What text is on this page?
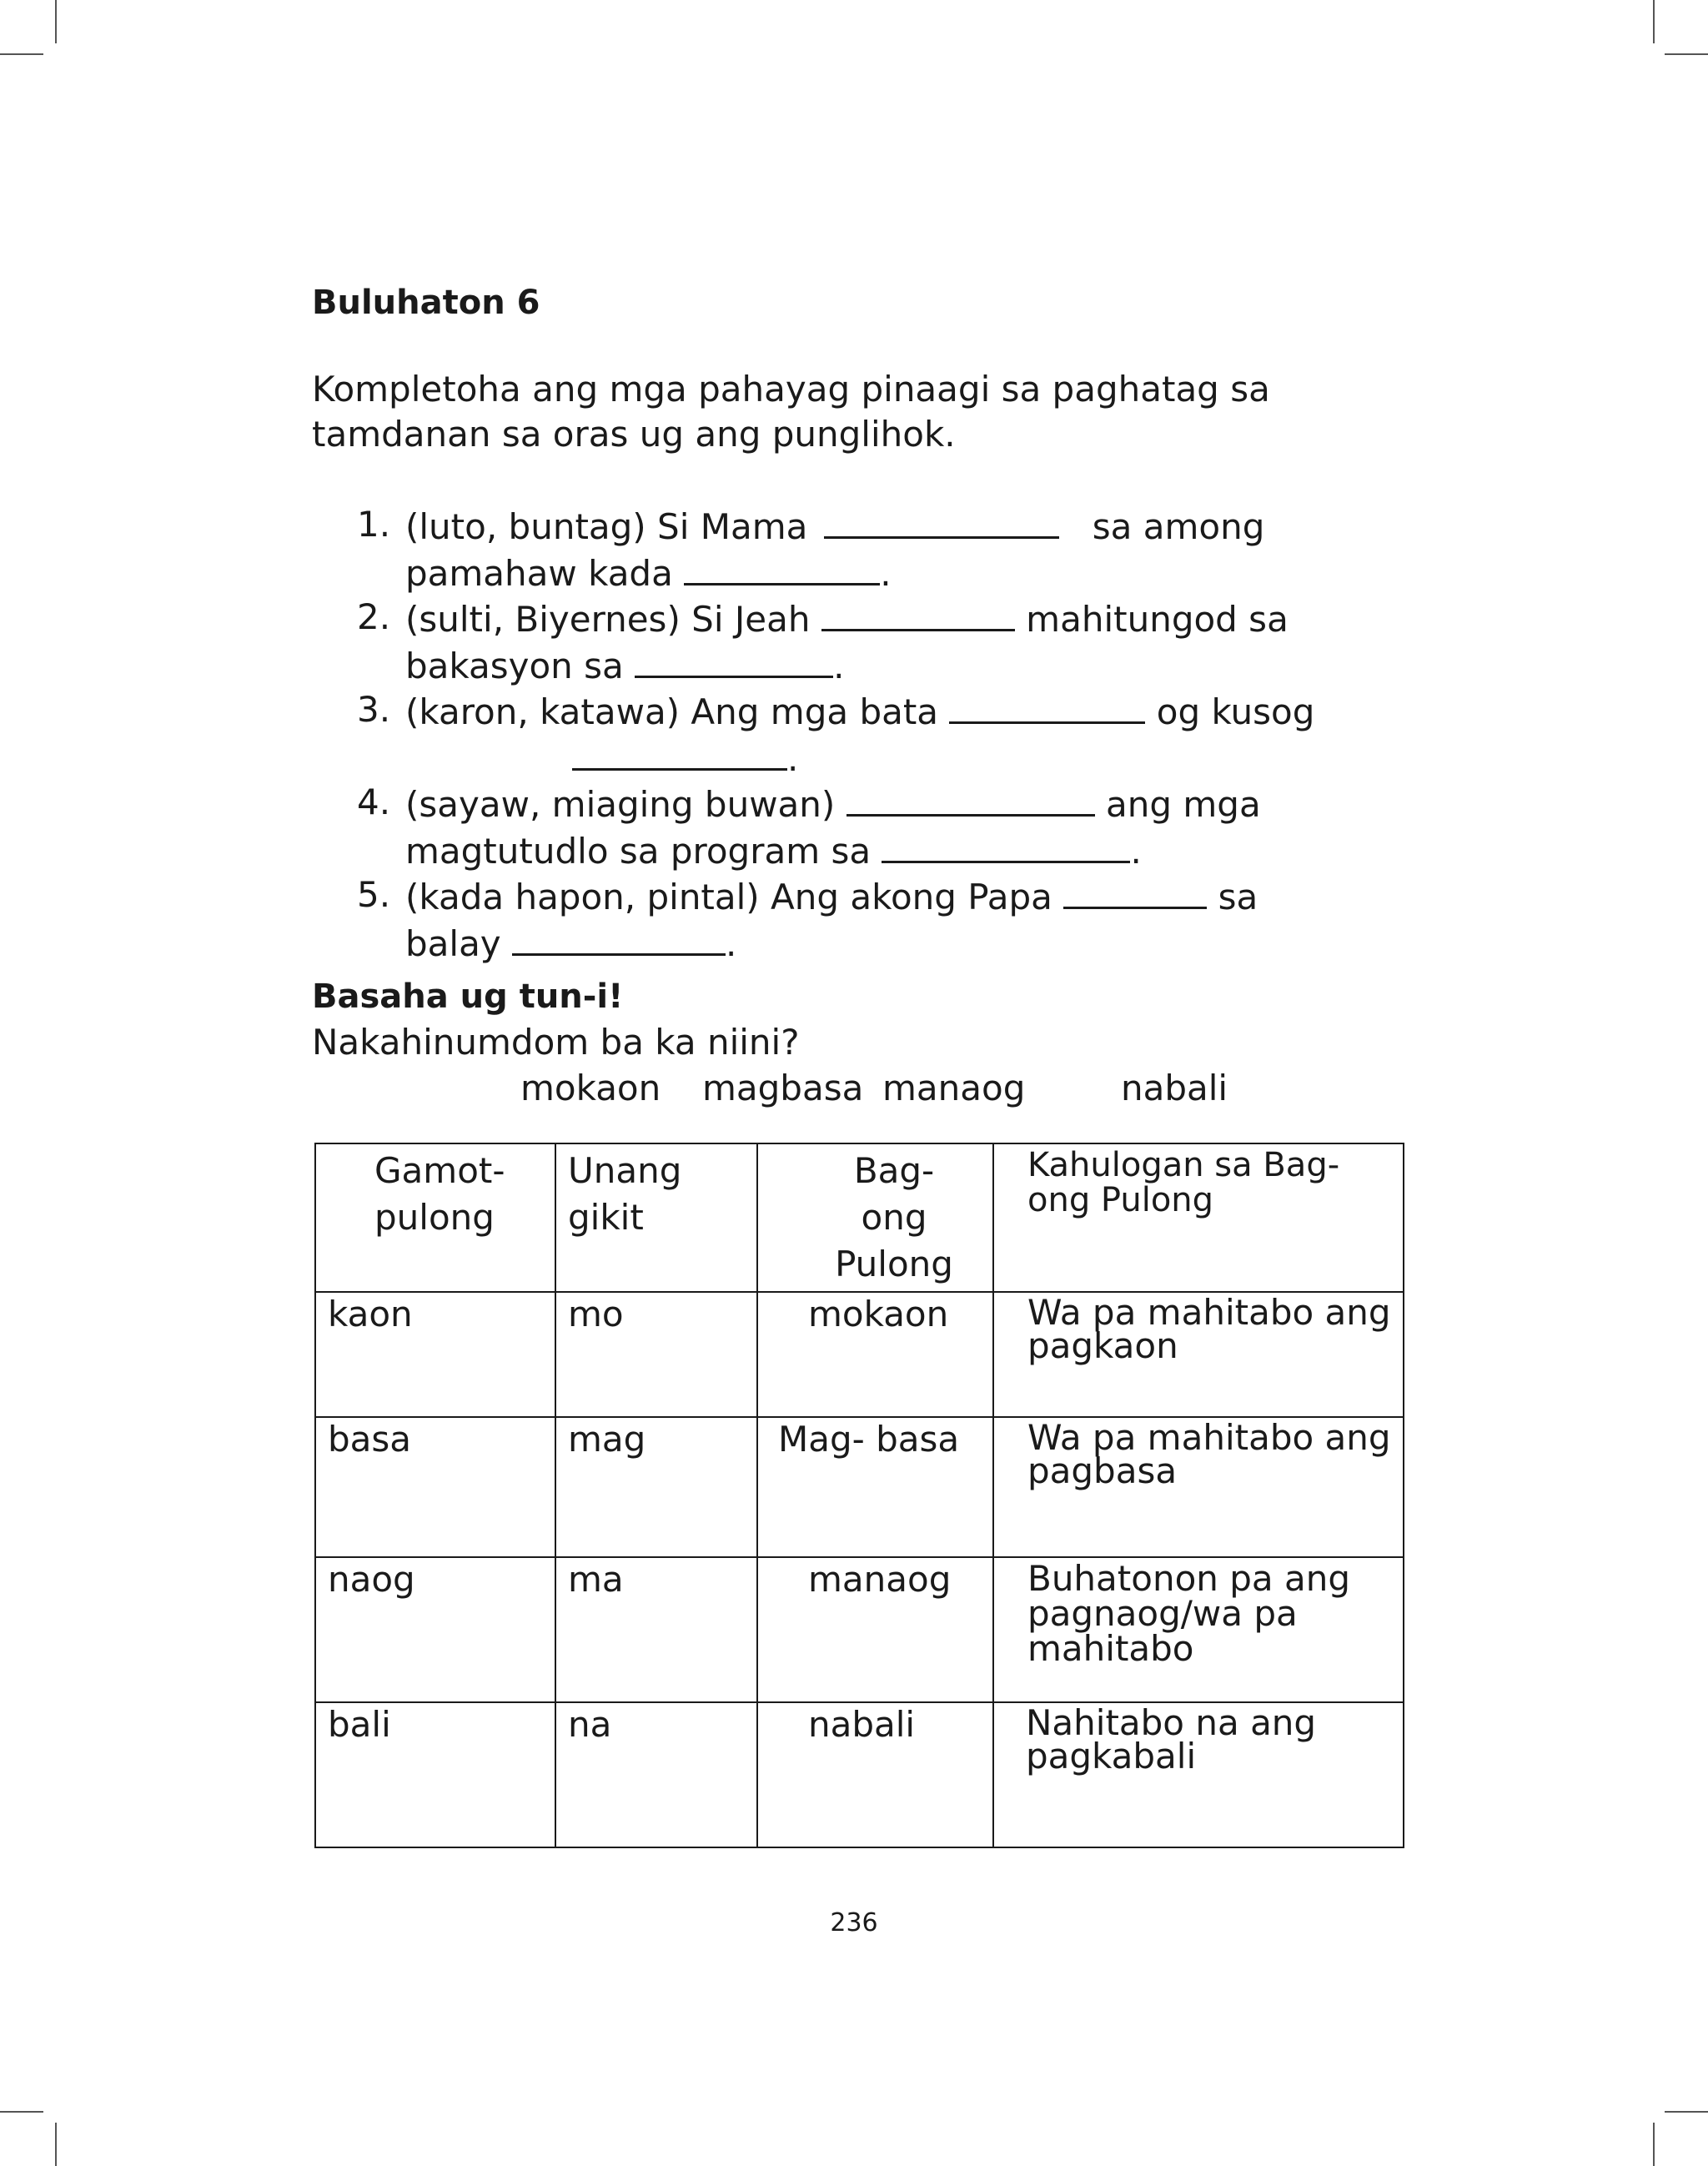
Buluhaton 6

Kompletoha ang mga pahayag pinaagi sa paghatag sa tamdanan sa oras ug ang punglihok.

1. (luto, buntag) Si Mama	sa among pamahaw kada	.
2. (sulti, Biyernes) Si Jeah	mahitungod sa bakasyon sa	.
3. (karon, katawa) Ang mga bata	og kusog .
4. (sayaw, miaging buwan)	ang mga magtutudlo sa program sa	.
5. (kada hapon, pintal) Ang akong Papa	sa balay	.
Basaha ug tun-i!

Nakahinumdom ba ka niini?

mokaon magbasa manaog	nabali
Gamot-pulong	Unang gikit	Bag-ong Pulong	Kahulogan sa Bag-ong Pulong
kaon	mo	mokaon	Wa pa mahitabo ang pagkaon
basa	mag	Mag- basa	Wa pa mahitabo ang pagbasa
naog	ma	manaog	Buhatonon pa ang pagnaog/wa pa mahitabo
bali	na	nabali	Nahitabo na ang pagkabali
236
